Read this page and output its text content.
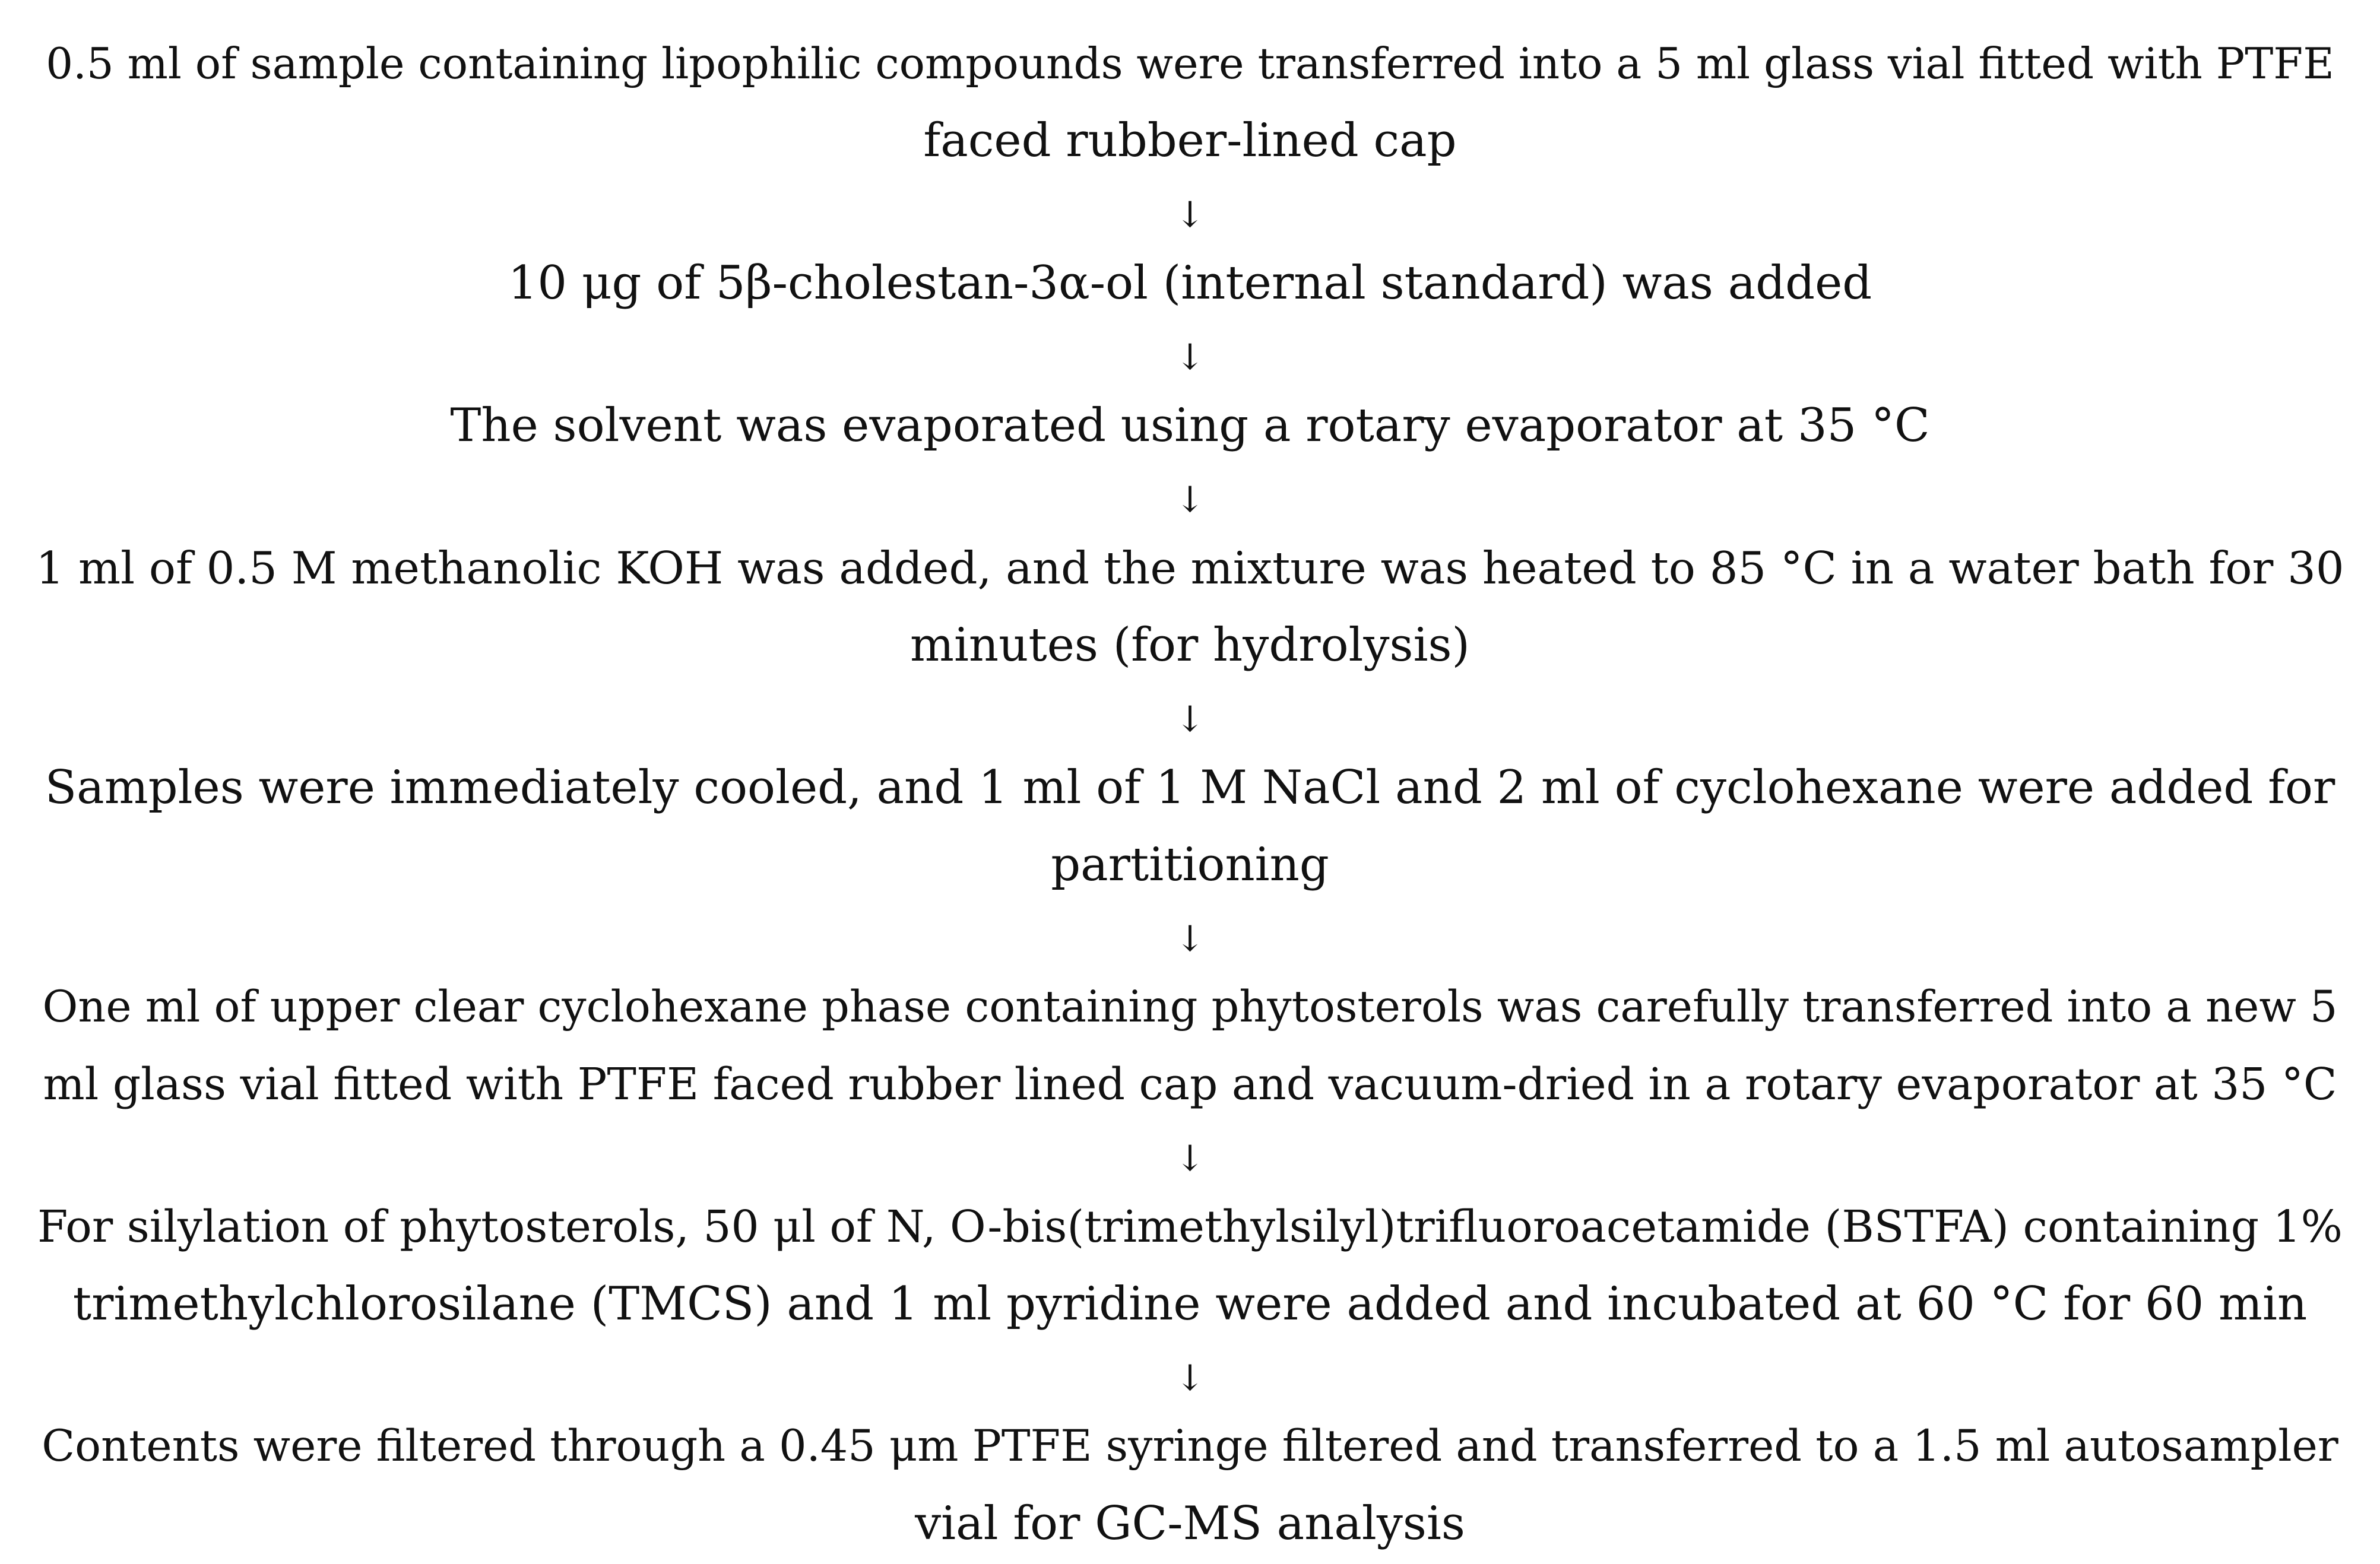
0.5 ml of sample containing lipophilic compounds were transferred into a 5 ml glass vial fitted with PTFE
faced rubber-lined cap
↓
10 μg of 5β-cholestan-3α-ol (internal standard) was added
↓
The solvent was evaporated using a rotary evaporator at 35 °C
↓
1 ml of 0.5 M methanolic KOH was added, and the mixture was heated to 85 °C in a water bath for 30
minutes (for hydrolysis)
↓
Samples were immediately cooled, and 1 ml of 1 M NaCl and 2 ml of cyclohexane were added for
partitioning
↓
One ml of upper clear cyclohexane phase containing phytosterols was carefully transferred into a new 5
ml glass vial fitted with PTFE faced rubber lined cap and vacuum-dried in a rotary evaporator at 35 °C
↓
For silylation of phytosterols, 50 μl of N, O-bis(trimethylsilyl)trifluoroacetamide (BSTFA) containing 1%
trimethylchlorosilane (TMCS) and 1 ml pyridine were added and incubated at 60 °C for 60 min
↓
Contents were filtered through a 0.45 μm PTFE syringe filtered and transferred to a 1.5 ml autosampler
vial for GC-MS analysis
